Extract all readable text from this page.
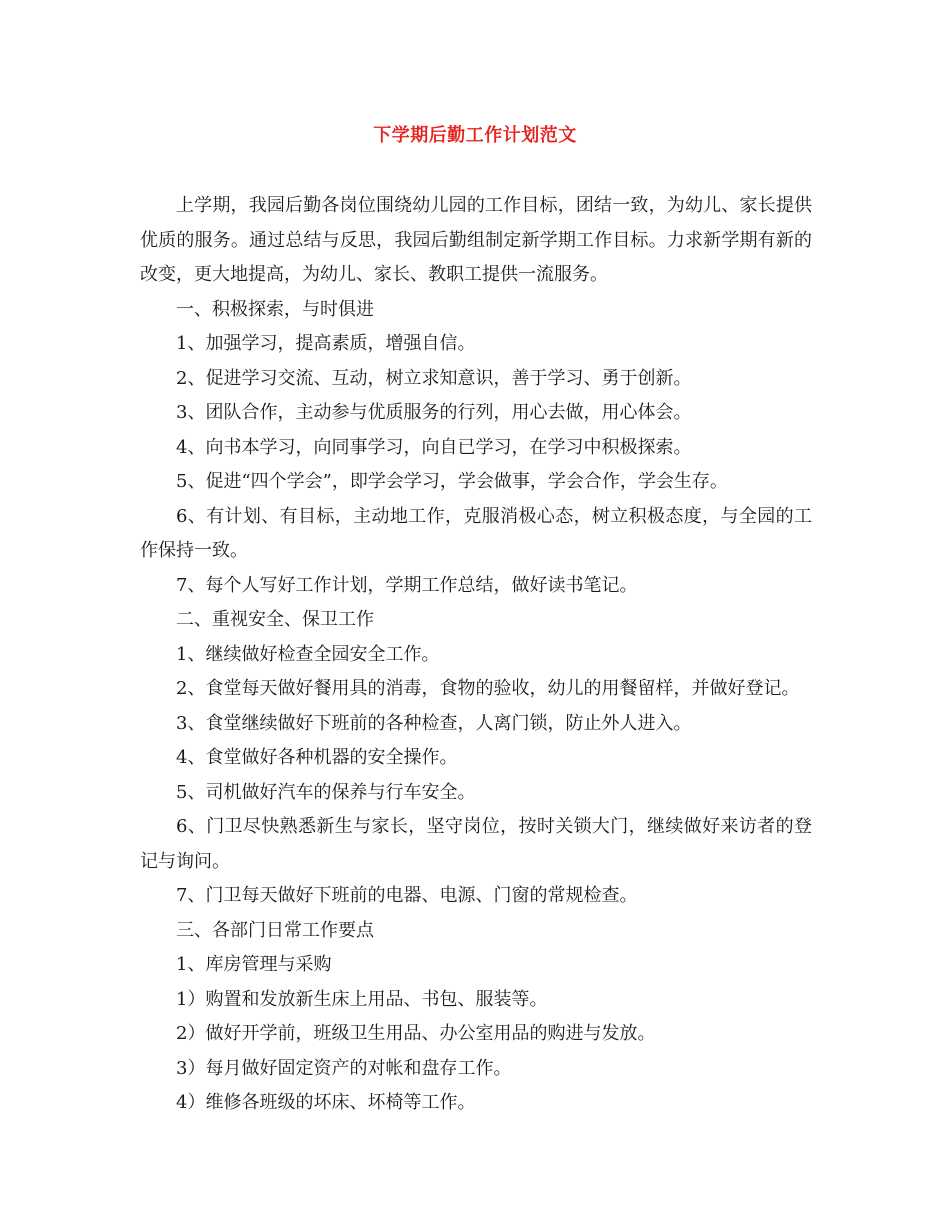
下学期后勤工作计划范文

上学期，我园后勤各岗位围绕幼儿园的工作目标，团结一致，为幼儿、家长提供优质的服务。通过总结与反思，我园后勤组制定新学期工作目标。力求新学期有新的改变，更大地提高，为幼儿、家长、教职工提供一流服务。

一、积极探索，与时俱进

1、加强学习，提高素质，增强自信。

2、促进学习交流、互动，树立求知意识，善于学习、勇于创新。

3、团队合作，主动参与优质服务的行列，用心去做，用心体会。

4、向书本学习，向同事学习，向自已学习，在学习中积极探索。

5、促进“四个学会”，即学会学习，学会做事，学会合作，学会生存。

6、有计划、有目标，主动地工作，克服消极心态，树立积极态度，与全园的工作保持一致。

7、每个人写好工作计划，学期工作总结，做好读书笔记。

二、重视安全、保卫工作

1、继续做好检查全园安全工作。

2、食堂每天做好餐用具的消毒，食物的验收，幼儿的用餐留样，并做好登记。

3、食堂继续做好下班前的各种检查，人离门锁，防止外人进入。

4、食堂做好各种机器的安全操作。

5、司机做好汽车的保养与行车安全。

6、门卫尽快熟悉新生与家长，坚守岗位，按时关锁大门，继续做好来访者的登记与询问。

7、门卫每天做好下班前的电器、电源、门窗的常规检查。

三、各部门日常工作要点

1、库房管理与采购

1）购置和发放新生床上用品、书包、服装等。

2）做好开学前，班级卫生用品、办公室用品的购进与发放。

3）每月做好固定资产的对帐和盘存工作。

4）维修各班级的坏床、坏椅等工作。
